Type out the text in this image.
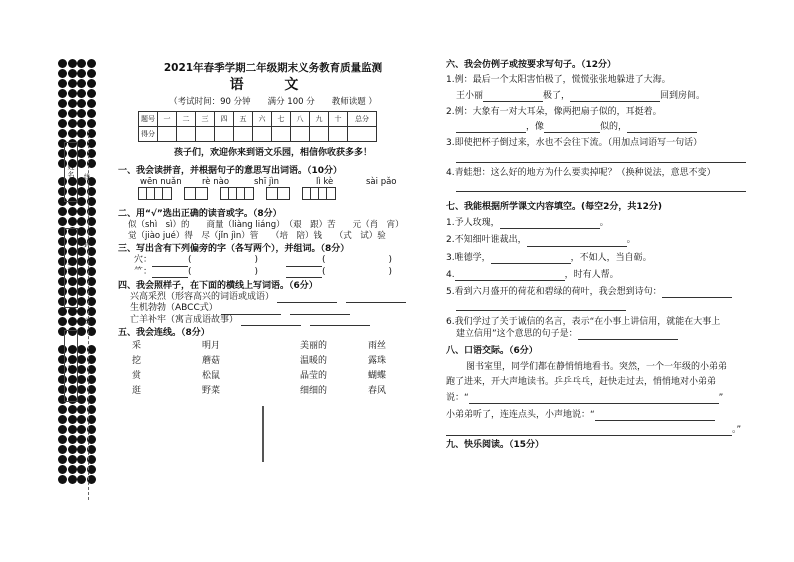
姓名
班级
学校
线
封
密
2021年春季学期二年级期末义务教育质量监测
语 文
（考试时间：90 分钟　　满分 100 分　　教师读题 ）
题号	一	二	三	四	五	六	七	八	九	十	总分
得分											
孩子们，欢迎你来到语文乐园，相信你收获多多！
一、我会读拼音，并根据句子的意思写出词语。（10分）
wēn nuǎn rè nào	shī jìn	lì kè	sài pǎo
二、用“√”选出正确的读音或字。（8分）
似（shì　sì）的　　商量（liàng liáng）　（艰　跟）苦　　元（肖　宵）
觉（jiào jué）得　尽（jǐn jìn）管　　（培　陪）钱　　（式　试）验
三、写出含有下列偏旁的字（各写两个），并组词。（8分）
穴：	(　　　　　　　)	(　　　　　　　)
⺮：	(　　　　　　　)	(　　　　　　　)
四、我会照样子，在下面的横线上写词语。（6分）
兴高采烈（形容高兴的词语或成语） 　
生机勃勃（ABCC式） 　
亡羊补牢（寓言成语故事） 　
五、我会连线。（8分）
采
挖
赏
逛
明月
蘑菇
松鼠
野菜
美丽的
温暖的
晶莹的
细细的
雨丝
露珠
蝴蝶
春风
六、我会仿例子或按要求写句子。（12分）
1.例：最后一个太阳害怕极了，慌慌张张地躲进了大海。
王小丽	极了，	回到房间。
2.例：大象有一对大耳朵，像两把扇子似的，耳挺着。
，像	似的，
3.即使把杯子倒过来，水也不会往下流。（用加点词语写一句话）
4.青蛙想：这么好的地方为什么要卖掉呢？（换种说法，意思不变）
七、我能根据所学课文内容填空。(每空2分，共12分)
1.予人玫瑰，	。
2.不知细叶谁裁出，	。
3.唯德学，	，不如人，当自砺。
4.	，时有人帮。
5.看到六月盛开的荷花和碧绿的荷叶，我会想到诗句：
6.我们学过了关于诚信的名言，表示“在小事上讲信用，就能在大事上
建立信用”这个意思的句子是：
八、口语交际。（6分）
图书室里，同学们都在静悄悄地看书。突然，一个一年级的小弟弟
跑了进来，开大声地读书。乒乒乓乓，赶快走过去，悄悄地对小弟弟
说：“	”
小弟弟听了，连连点头，小声地说：“
。”
九、快乐阅读。（15分）
